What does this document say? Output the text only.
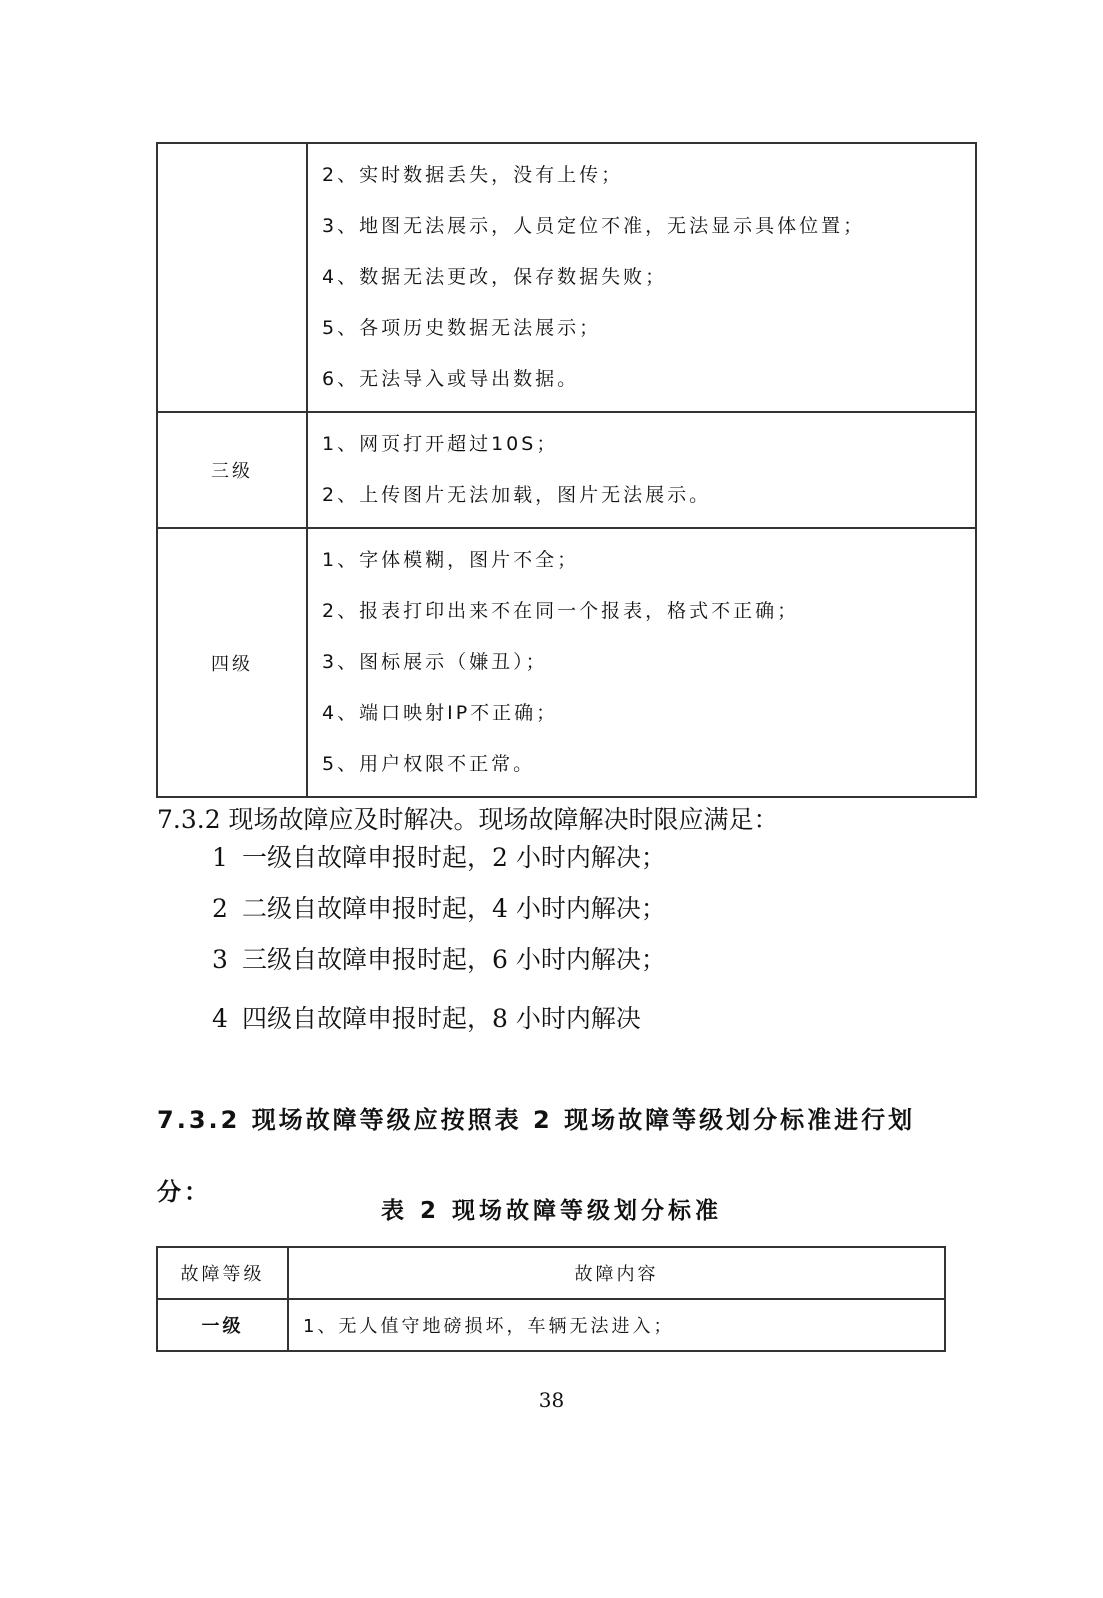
	2、实时数据丢失，没有上传；
3、地图无法展示，人员定位不准，无法显示具体位置；
4、数据无法更改，保存数据失败；
5、各项历史数据无法展示；
6、无法导入或导出数据。

三级	1、网页打开超过10S；
2、上传图片无法加载，图片无法展示。

四级	1、字体模糊，图片不全；
2、报表打印出来不在同一个报表，格式不正确；
3、图标展示（嫌丑）；
4、端口映射IP不正确；
5、用户权限不正常。

7.3.2 现场故障应及时解决。现场故障解决时限应满足：

1 一级自故障申报时起，2 小时内解决；
2 二级自故障申报时起，4 小时内解决；
3 三级自故障申报时起，6 小时内解决；
4 四级自故障申报时起，8 小时内解决

7.3.2 现场故障等级应按照表 2 现场故障等级划分标准进行划分：

表 2 现场故障等级划分标准
故障等级	故障内容
一级	1、无人值守地磅损坏，车辆无法进入；
38
